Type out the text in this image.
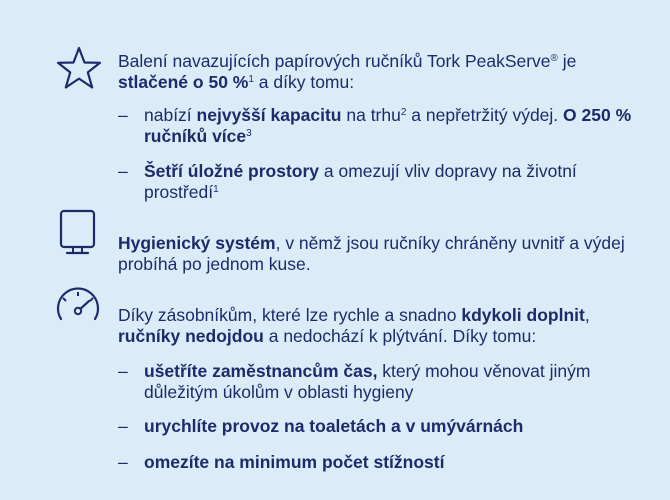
Balení navazujících papírových ručníků Tork PeakServe® je
stlačené o 50 %$^1$ a díky tomu:
– nabízí nejvyšší kapacitu na trhu$^2$ a nepřetržitý výdej. O 250 % ručníků více$^3$
– Šetří úložné prostory a omezují vliv dopravy na životní prostředí$^1$
Hygienický systém, v němž jsou ručníky chráněny uvnitř a výdej probíhá po jednom kuse.
Díky zásobníkům, které lze rychle a snadno kdykoli doplnit, ručníky nedojdou a nedochází k plýtvání. Díky tomu:
– ušetříte zaměstnancům čas, který mohou věnovat jiným důležitým úkolům v oblasti hygieny
– urychlíte provoz na toaletách a v umývárnách
– omezíte na minimum počet stížností
